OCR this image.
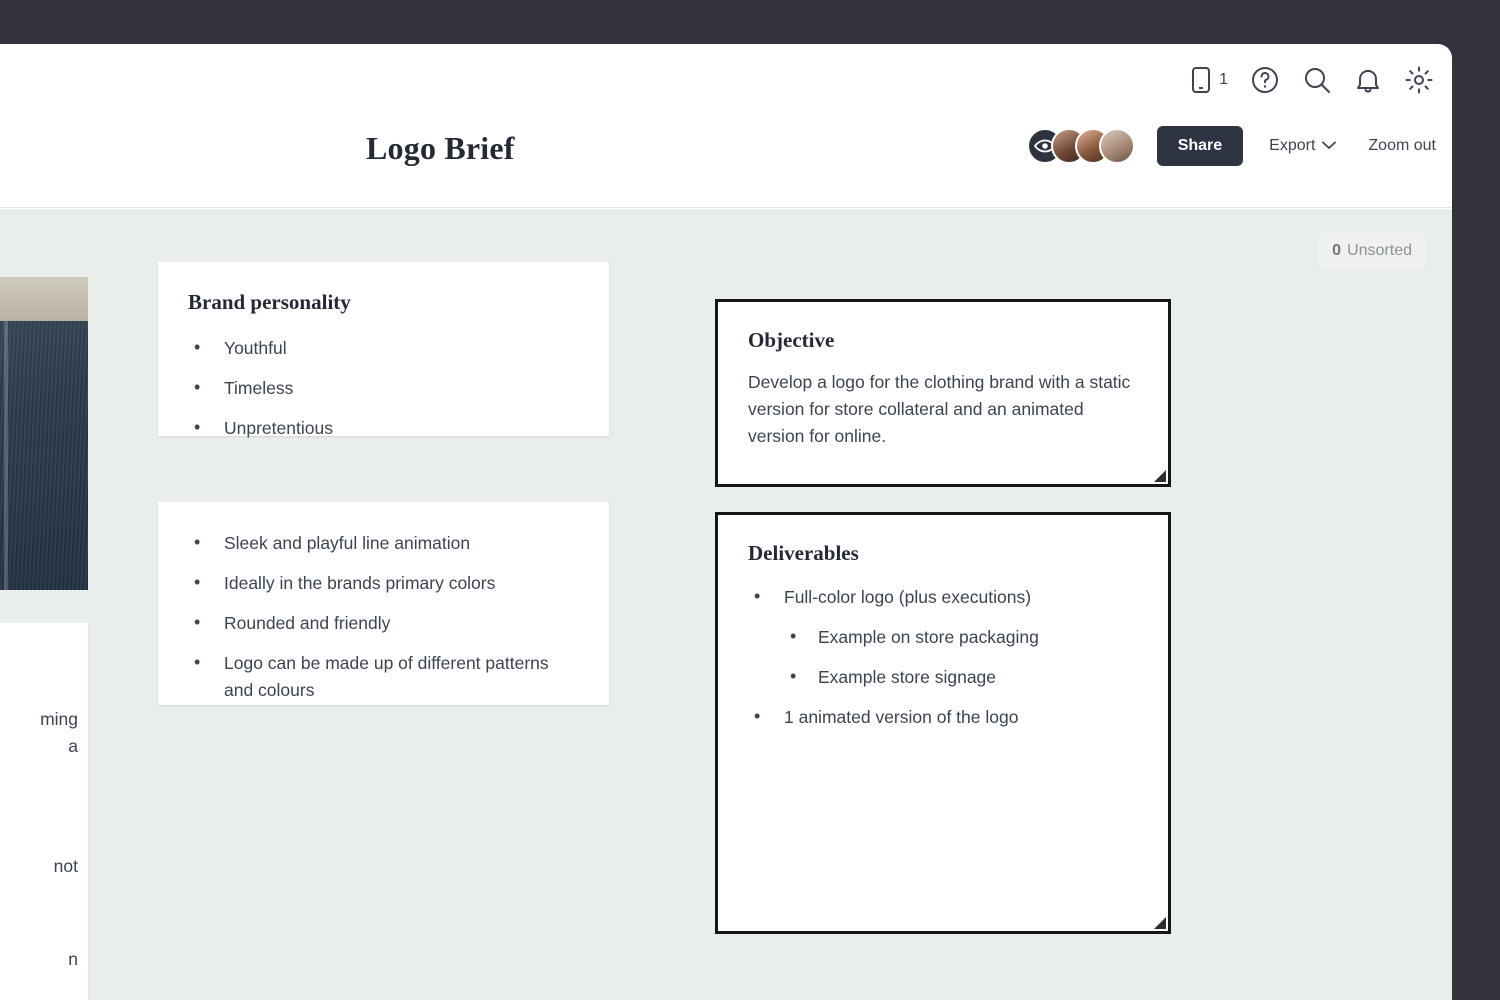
1
Logo Brief	Share	Export	Zoom out
0 Unsorted
ming
a
not
n
Brand personality
• Youthful
• Timeless
• Unpretentious
• Sleek and playful line animation
• Ideally in the brands primary colors
• Rounded and friendly
• Logo can be made up of different patterns and colours
Objective
Develop a logo for the clothing brand with a static version for store collateral and an animated version for online.
Deliverables
• Full-color logo (plus executions)
• Example on store packaging
• Example store signage
• 1 animated version of the logo
